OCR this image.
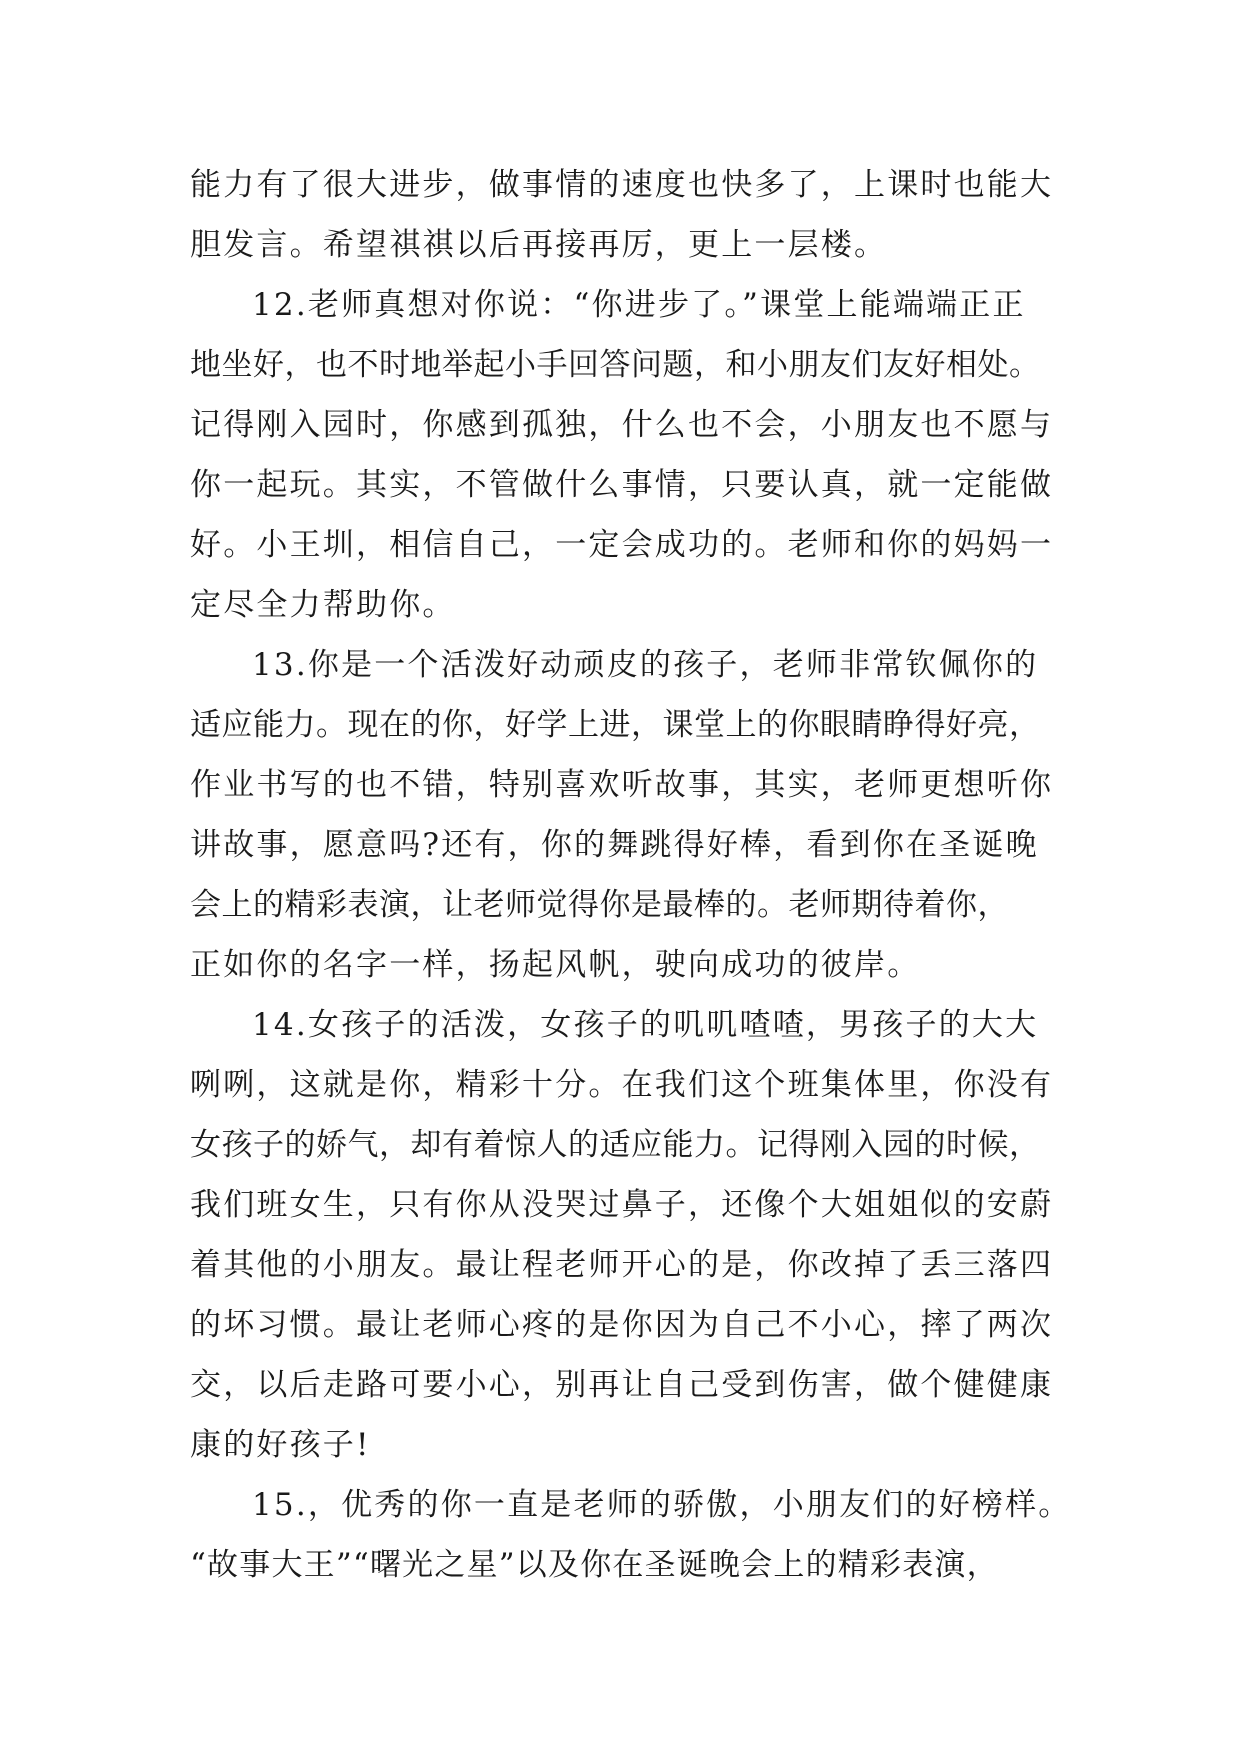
能力有了很大进步，做事情的速度也快多了，上课时也能大
胆发言。希望祺祺以后再接再厉，更上一层楼。
12.老师真想对你说：“你进步了。”课堂上能端端正正
地坐好，也不时地举起小手回答问题，和小朋友们友好相处。
记得刚入园时，你感到孤独，什么也不会，小朋友也不愿与
你一起玩。其实，不管做什么事情，只要认真，就一定能做
好。小王圳，相信自己，一定会成功的。老师和你的妈妈一
定尽全力帮助你。
13.你是一个活泼好动顽皮的孩子，老师非常钦佩你的
适应能力。现在的你，好学上进，课堂上的你眼睛睁得好亮，
作业书写的也不错，特别喜欢听故事，其实，老师更想听你
讲故事，愿意吗?还有，你的舞跳得好棒，看到你在圣诞晚
会上的精彩表演，让老师觉得你是最棒的。老师期待着你，
正如你的名字一样，扬起风帆，驶向成功的彼岸。
14.女孩子的活泼，女孩子的叽叽喳喳，男孩子的大大
咧咧，这就是你，精彩十分。在我们这个班集体里，你没有
女孩子的娇气，却有着惊人的适应能力。记得刚入园的时候，
我们班女生，只有你从没哭过鼻子，还像个大姐姐似的安蔚
着其他的小朋友。最让程老师开心的是，你改掉了丢三落四
的坏习惯。最让老师心疼的是你因为自己不小心，摔了两次
交，以后走路可要小心，别再让自己受到伤害，做个健健康
康的好孩子!
15.，优秀的你一直是老师的骄傲，小朋友们的好榜样。
“故事大王”“曙光之星”以及你在圣诞晚会上的精彩表演，
